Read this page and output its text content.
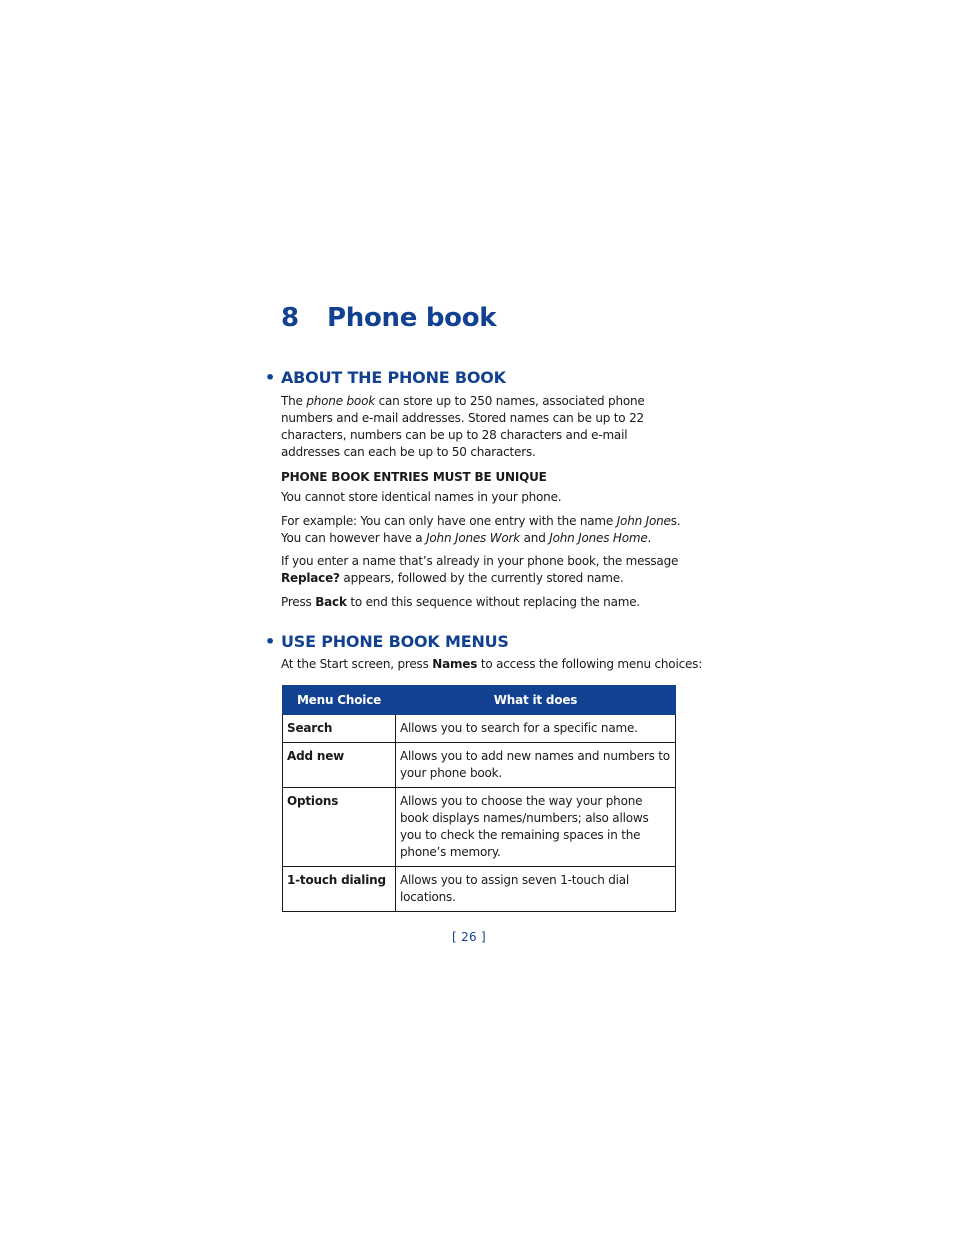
8 Phone book
• ABOUT THE PHONE BOOK

The phone book can store up to 250 names, associated phone numbers and e-mail addresses. Stored names can be up to 22 characters, numbers can be up to 28 characters and e-mail addresses can each be up to 50 characters.

PHONE BOOK ENTRIES MUST BE UNIQUE

You cannot store identical names in your phone.

For example: You can only have one entry with the name John Jones. You can however have a John Jones Work and John Jones Home.

If you enter a name that’s already in your phone book, the message Replace? appears, followed by the currently stored name.

Press Back to end this sequence without replacing the name.

• USE PHONE BOOK MENUS

At the Start screen, press Names to access the following menu choices:

Menu Choice	What it does
Search	Allows you to search for a specific name.
Add new	Allows you to add new names and numbers to your phone book.
Options	Allows you to choose the way your phone book displays names/numbers; also allows you to check the remaining spaces in the phone’s memory.
1-touch dialing	Allows you to assign seven 1-touch dial locations.
[ 26 ]
